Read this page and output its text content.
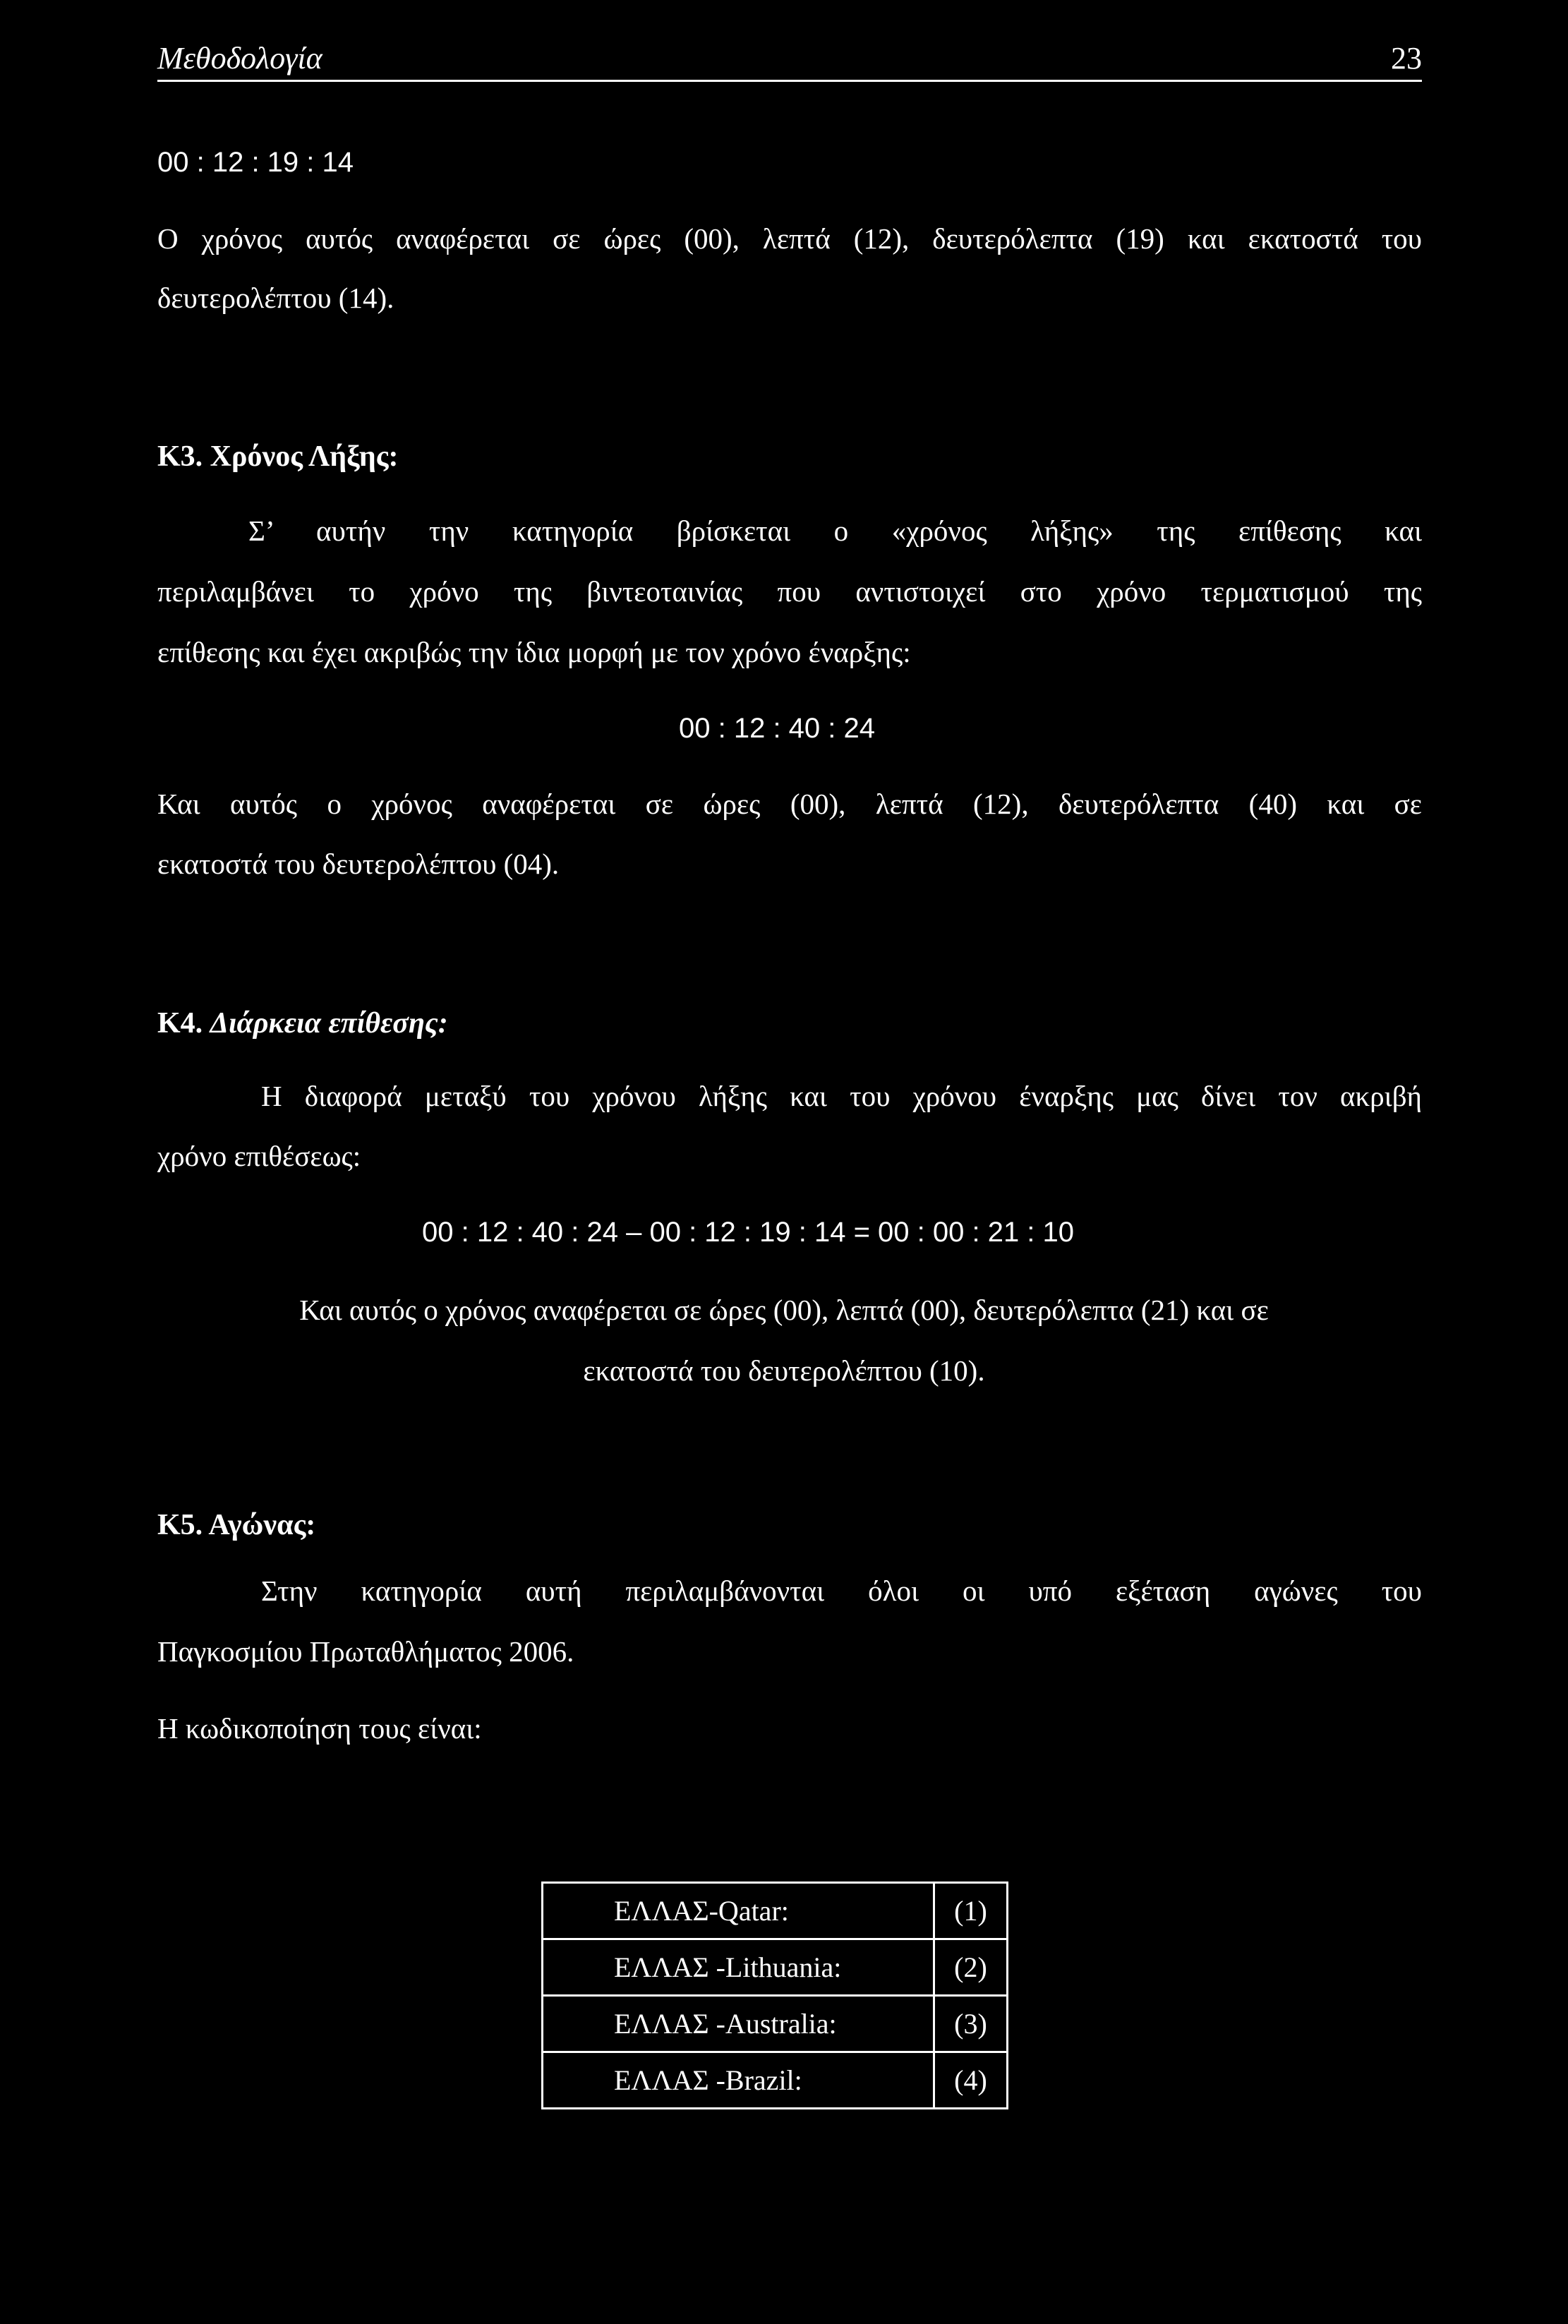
Μεθοδολογία	23
00 : 12 : 19 : 14
Ο χρόνος αυτός αναφέρεται σε ώρες (00), λεπτά (12), δευτερόλεπτα (19) και εκατοστά του
δευτερολέπτου (14).
Κ3. Χρόνος Λήξης:
Σ’ αυτήν την κατηγορία βρίσκεται ο «χρόνος λήξης» της επίθεσης και
περιλαμβάνει το χρόνο της βιντεοταινίας που αντιστοιχεί στο χρόνο τερματισμού της
επίθεσης και έχει ακριβώς την ίδια μορφή με τον χρόνο έναρξης:
00 : 12 : 40 : 24
Και αυτός ο χρόνος αναφέρεται σε ώρες (00), λεπτά (12), δευτερόλεπτα (40) και σε
εκατοστά του δευτερολέπτου (04).
Κ4. Διάρκεια επίθεσης:
Η διαφορά μεταξύ του χρόνου λήξης και του χρόνου έναρξης μας δίνει τον ακριβή
χρόνο επιθέσεως:
00 : 12 : 40 : 24 – 00 : 12 : 19 : 14 = 00 : 00 : 21 : 10
Και αυτός ο χρόνος αναφέρεται σε ώρες (00), λεπτά (00), δευτερόλεπτα (21) και σε
εκατοστά του δευτερολέπτου (10).
Κ5. Αγώνας:
Στην κατηγορία αυτή περιλαμβάνονται όλοι οι υπό εξέταση αγώνες του
Παγκοσμίου Πρωταθλήματος 2006.
Η κωδικοποίηση τους είναι:
ΕΛΛΑΣ-Qatar:	(1)
ΕΛΛΑΣ -Lithuania:	(2)
ΕΛΛΑΣ -Australia:	(3)
ΕΛΛΑΣ -Brazil:	(4)
